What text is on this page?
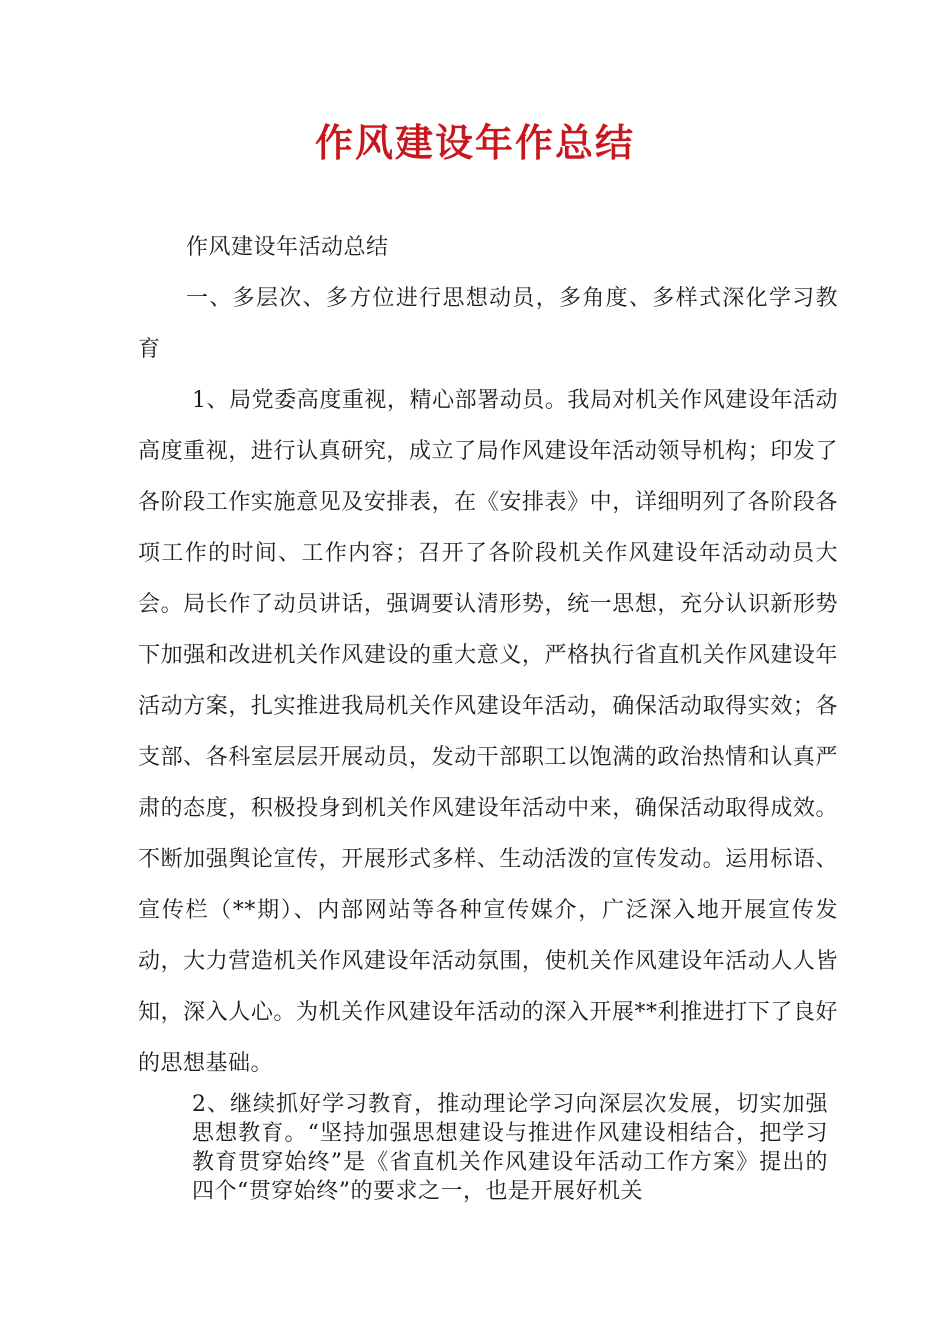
作风建设年作总结

作风建设年活动总结

一、多层次、多方位进行思想动员，多角度、多样式深化学习教育

1、局党委高度重视，精心部署动员。我局对机关作风建设年活动高度重视，进行认真研究，成立了局作风建设年活动领导机构；印发了各阶段工作实施意见及安排表，在《安排表》中，详细明列了各阶段各项工作的时间、工作内容；召开了各阶段机关作风建设年活动动员大会。局长作了动员讲话，强调要认清形势，统一思想，充分认识新形势下加强和改进机关作风建设的重大意义，严格执行省直机关作风建设年活动方案，扎实推进我局机关作风建设年活动，确保活动取得实效；各支部、各科室层层开展动员，发动干部职工以饱满的政治热情和认真严肃的态度，积极投身到机关作风建设年活动中来，确保活动取得成效。不断加强舆论宣传，开展形式多样、生动活泼的宣传发动。运用标语、宣传栏（**期）、内部网站等各种宣传媒介，广泛深入地开展宣传发动，大力营造机关作风建设年活动氛围，使机关作风建设年活动人人皆知，深入人心。为机关作风建设年活动的深入开展**利推进打下了良好的思想基础。

2、继续抓好学习教育，推动理论学习向深层次发展，切实加强思想教育。“坚持加强思想建设与推进作风建设相结合，把学习教育贯穿始终”是《省直机关作风建设年活动工作方案》提出的四个“贯穿始终”的要求之一，也是开展好机关
